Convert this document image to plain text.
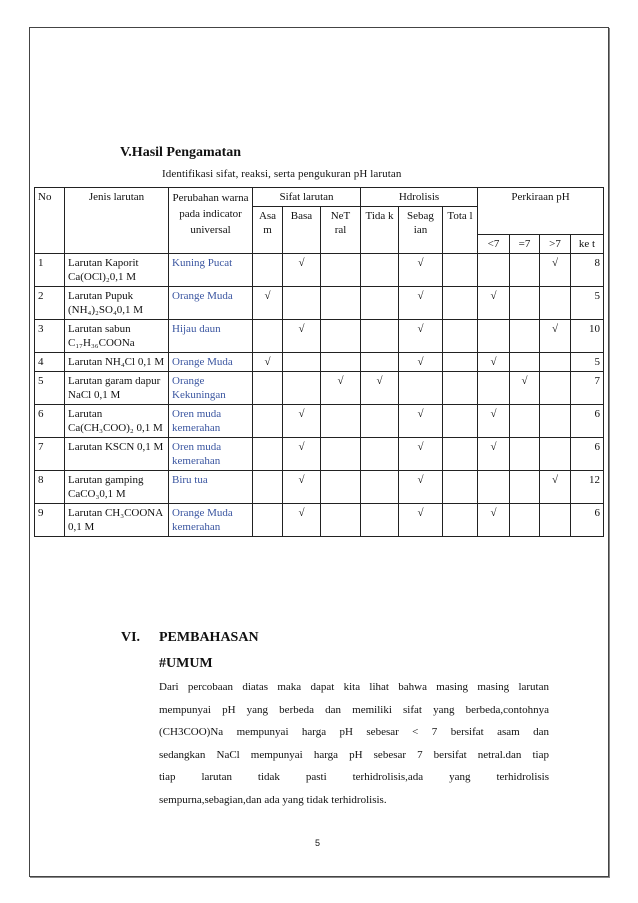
V.Hasil Pengamatan
Identifikasi sifat, reaksi, serta pengukuran pH larutan
No	Jenis larutan	Perubahan warna pada indicator universal	Sifat larutan			Hdrolisis			Perkiraan pH			
			Asa m	Basa	NeT ral	Tida k	Sebag ian	Tota l				
									<7	=7	>7	ke t
1	Larutan Kaporit Ca(OCl)₂0,1 M	Kuning Pucat		√			√				√	8
2	Larutan Pupuk (NH₄)₂SO₄0,1 M	Orange Muda	√				√		√			5
3	Larutan sabun C₁₇H₃₆COONa	Hijau daun		√			√				√	10
4	Larutan NH₄Cl 0,1 M	Orange Muda	√				√		√			5
5	Larutan garam dapur NaCl 0,1 M	Orange Kekuningan			√	√				√		7
6	Larutan Ca(CH₃COO)₂ 0,1 M	Oren muda kemerahan		√			√		√			6
7	Larutan KSCN 0,1 M	Oren muda kemerahan		√			√		√			6
8	Larutan gamping CaCO₃0,1 M	Biru tua		√			√				√	12
9	Larutan CH₃COONA 0,1 M	Orange Muda kemerahan		√			√		√			6
VI. PEMBAHASAN
#UMUM
Dari percobaan diatas maka dapat kita lihat bahwa masing masing larutan
mempunyai pH yang berbeda dan memiliki sifat yang berbeda,contohnya
(CH3COO)Na mempunyai harga pH sebesar < 7 bersifat asam dan
sedangkan NaCl mempunyai harga pH sebesar 7 bersifat netral.dan tiap
tiap larutan tidak pasti terhidrolisis,ada yang terhidrolisis
sempurna,sebagian,dan ada yang tidak terhidrolisis.
5
